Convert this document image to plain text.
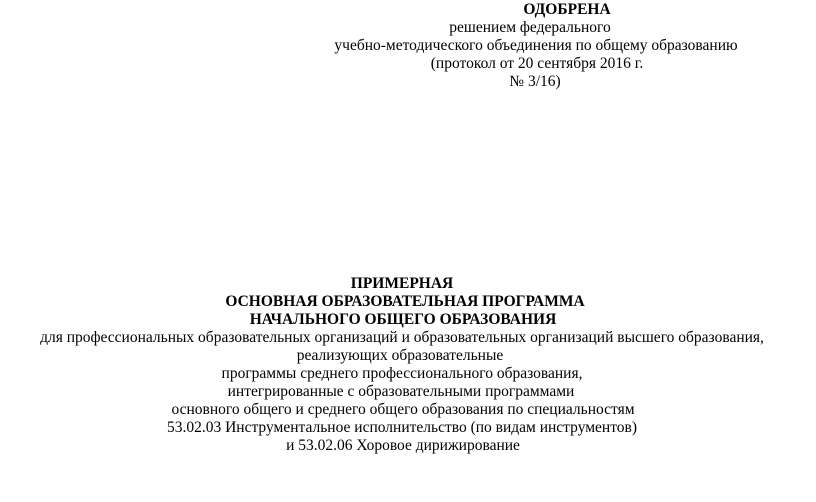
ОДОБРЕНА
решением федерального
учебно-методического объединения по общему образованию
(протокол от 20 сентября 2016 г.
№ 3/16)
ПРИМЕРНАЯ
ОСНОВНАЯ ОБРАЗОВАТЕЛЬНАЯ ПРОГРАММА
НАЧАЛЬНОГО ОБЩЕГО ОБРАЗОВАНИЯ
для профессиональных образовательных организаций и образовательных организаций высшего образования,
реализующих образовательные
программы среднего профессионального образования,
интегрированные с образовательными программами
основного общего и среднего общего образования по специальностям
53.02.03 Инструментальное исполнительство (по видам инструментов)
и 53.02.06 Хоровое дирижирование
